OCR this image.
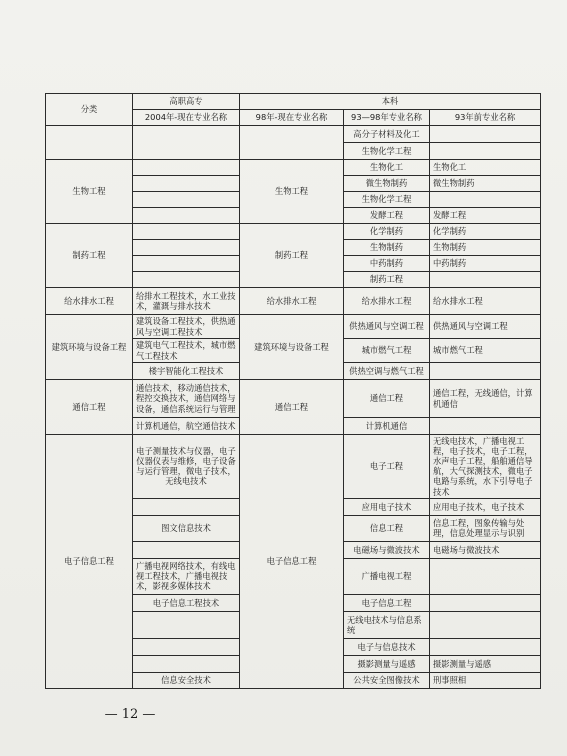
分类	高职高专	本科		
	2004年-现在专业名称	98年-现在专业名称	93—98年专业名称	93年前专业名称
			高分子材料及化工	
			生物化学工程	
生物工程		生物工程	生物化工	生物化工
			微生物制药	微生物制药
			生物化学工程	
			发酵工程	发酵工程
制药工程		制药工程	化学制药	化学制药
			生物制药	生物制药
			中药制药	中药制药
			制药工程	
给水排水工程	给排水工程技术，水工业技术，灌溉与排水技术	给水排水工程	给水排水工程	给水排水工程
建筑环境与设备工程	建筑设备工程技术，供热通风与空调工程技术	建筑环境与设备工程	供热通风与空调工程	供热通风与空调工程
	建筑电气工程技术，城市燃气工程技术		城市燃气工程	城市燃气工程
	楼宇智能化工程技术		供热空调与燃气工程	
通信工程	通信技术，移动通信技术，程控交换技术，通信网络与设备，通信系统运行与管理	通信工程	通信工程	通信工程，无线通信，计算机通信
	计算机通信，航空通信技术		计算机通信	
电子信息工程	电子测量技术与仪器，电子仪器仪表与维修，电子设备与运行管理，微电子技术，无线电技术	电子信息工程	电子工程	无线电技术，广播电视工程，电子技术，电子工程，水声电子工程，船舶通信导航，大气探测技术，微电子电路与系统，水下引导电子技术
			应用电子技术	应用电子技术，电子技术
	图文信息技术		信息工程	信息工程，图象传输与处理，信息处理显示与识别
			电磁场与微波技术	电磁场与微波技术
	广播电视网络技术，有线电视工程技术，广播电视技术，影视多媒体技术		广播电视工程	
	电子信息工程技术		电子信息工程	
			无线电技术与信息系统	
			电子与信息技术	
			摄影测量与遥感	摄影测量与遥感
	信息安全技术		公共安全图像技术	刑事照相
— 12 —
